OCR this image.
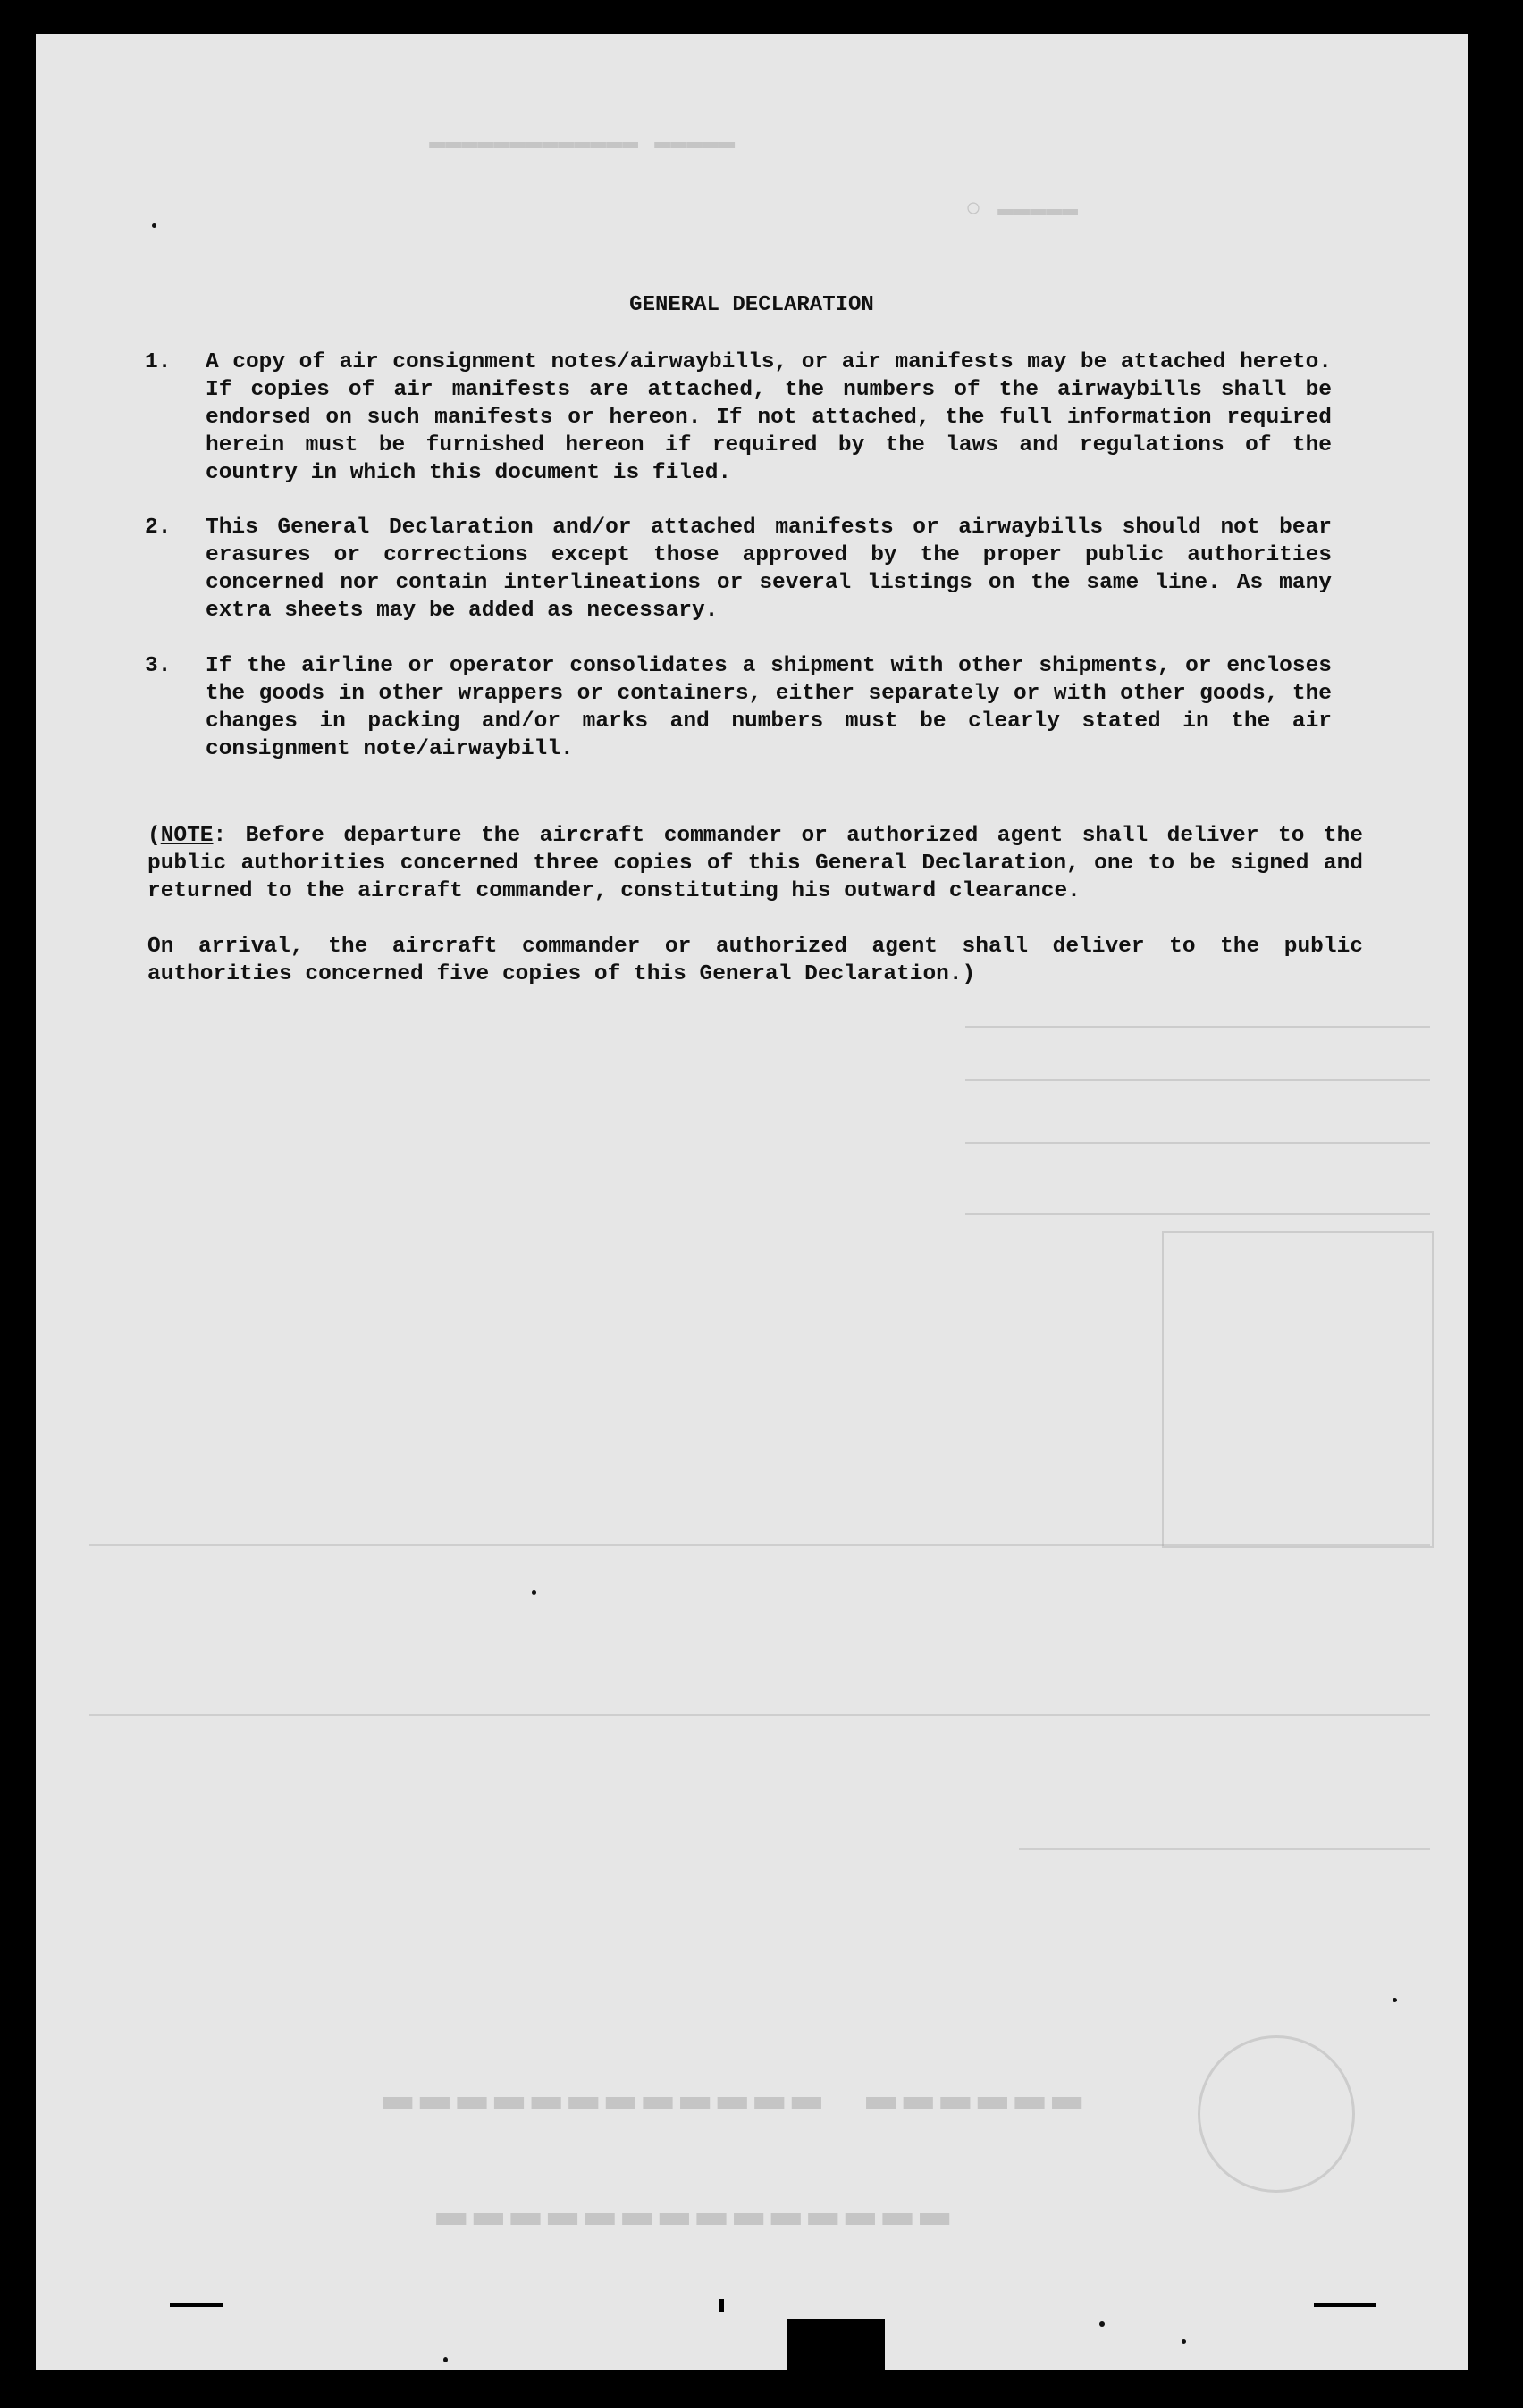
▬▬▬▬▬ ▬▬▬▬▬▬▬▬▬▬▬▬▬
▬▬▬▬▬ ○
▬▬▬▬▬▬ ▬▬▬▬▬▬▬▬▬▬▬▬
▬▬▬▬▬▬▬▬▬▬▬▬▬▬
GENERAL DECLARATION
1.	A copy of air consignment notes/airwaybills, or air manifests may be attached hereto. If copies of air manifests are attached, the numbers of the airwaybills shall be endorsed on such manifests or hereon. If not attached, the full information required herein must be furnished hereon if required by the laws and regulations of the country in which this document is filed.
2.	This General Declaration and/or attached manifests or airwaybills should not bear erasures or corrections except those approved by the proper public authorities concerned nor contain interlineations or several listings on the same line. As many extra sheets may be added as necessary.
3.	If the airline or operator consolidates a shipment with other shipments, or encloses the goods in other wrappers or containers, either separately or with other goods, the changes in packing and/or marks and numbers must be clearly stated in the air consignment note/airwaybill.
(NOTE: Before departure the aircraft commander or authorized agent shall deliver to the public authorities concerned three copies of this General Declaration, one to be signed and returned to the aircraft commander, constituting his outward clearance.
On arrival, the aircraft commander or authorized agent shall deliver to the public authorities concerned five copies of this General Declaration.)
